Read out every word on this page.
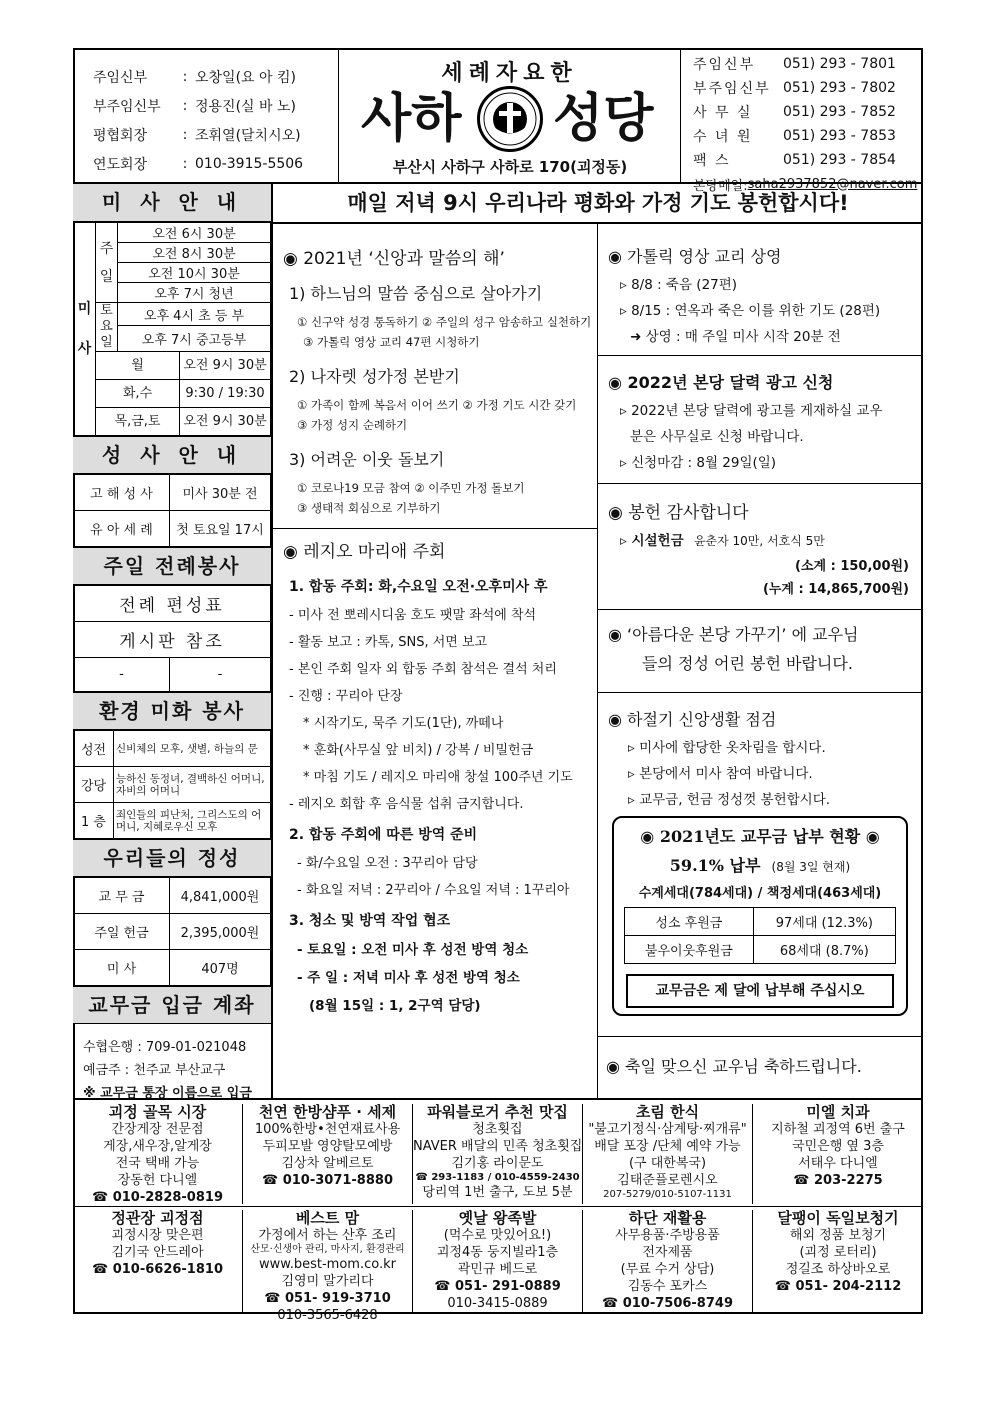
주임신부	: 오창일(요 아 킴)
부주임신부	: 정용진(실 바 노)
평협회장	: 조휘열(달치시오)
연도회장	: 010-3915-5506
세례자요한
사하 성당
부산시 사하구 사하로 170(괴정동)
주임신부	051) 293 - 7801
부주임신부 051) 293 - 7802
사 무 실	051) 293 - 7852
수 녀 원	051) 293 - 7853
팩 스	051) 293 - 7854
본당메일: saha2937852@naver.com
미 사 안 내
미사	주일	오전 6시 30분
		오전 8시 30분
		오전 10시 30분
		오후 7시 청년
	토요일	오후 4시 초 등 부
		오후 7시 중고등부

	월 오전 9시 30분	

	화,수 9:30 / 19:30	

	목,금,토 오전 9시 30분	
성 사 안 내
고 해 성 사	미사 30분 전
유 아 세 례	첫 토요일 17시
주일 전례봉사
전례 편성표
게시판 참조
-	-
환경 미화 봉사
성전	신비체의 모후, 샛별, 하늘의 문
강당	능하신 동정녀, 결백하신 어머니, 자비의 어머니
1 층	죄인들의 피난처, 그리스도의 어머니, 지혜로우신 모후
우리들의 정성
교 무 금	4,841,000원
주일 헌금	2,395,000원
미 사	407명
교무금 입금 계좌
수협은행 : 709-01-021048
예금주 : 천주교 부산교구
※ 교무금 통장 이름으로 입금
매일 저녁 9시 우리나라 평화와 가정 기도 봉헌합시다!
◉ 2021년 ‘신앙과 말씀의 해’
1) 하느님의 말씀 중심으로 살아가기
① 신구약 성경 통독하기 ② 주일의 성구 암송하고 실천하기
③ 가톨릭 영상 교리 47편 시청하기
2) 나자렛 성가정 본받기
① 가족이 함께 복음서 이어 쓰기 ② 가정 기도 시간 갖기
③ 가정 성지 순례하기
3) 어려운 이웃 돌보기
① 코로나19 모금 참여 ② 이주민 가정 돌보기
③ 생태적 회심으로 기부하기
◉ 레지오 마리애 주회
1. 합동 주회: 화,수요일 오전·오후미사 후
- 미사 전 뽀레시디움 호도 팻말 좌석에 착석
- 활동 보고 : 카톡, SNS, 서면 보고
- 본인 주회 일자 외 합동 주회 참석은 결석 처리
- 진행 : 꾸리아 단장
* 시작기도, 묵주 기도(1단), 까떼나
* 훈화(사무실 앞 비치) / 강복 / 비밀헌금
* 마침 기도 / 레지오 마리애 창설 100주년 기도
- 레지오 회합 후 음식물 섭취 금지합니다.
2. 합동 주회에 따른 방역 준비
- 화/수요일 오전 : 3꾸리아 담당
- 화요일 저녁 : 2꾸리아 / 수요일 저녁 : 1꾸리아
3. 청소 및 방역 작업 협조
- 토요일 : 오전 미사 후 성전 방역 청소
- 주 일 : 저녁 미사 후 성전 방역 청소
(8월 15일 : 1, 2구역 담당)
◉ 가톨릭 영상 교리 상영
▹ 8/8 : 죽음 (27편)
▹ 8/15 : 연옥과 죽은 이를 위한 기도 (28편)
➜ 상영 : 매 주일 미사 시작 20분 전
◉ 2022년 본당 달력 광고 신청
▹ 2022년 본당 달력에 광고를 게재하실 교우
분은 사무실로 신청 바랍니다.
▹ 신청마감 : 8월 29일(일)
◉ 봉헌 감사합니다
▹ 시설헌금 윤춘자 10만, 서호식 5만
(소계 : 150,00원)
(누계 : 14,865,700원)
◉ ‘아름다운 본당 가꾸기’ 에 교우님
들의 정성 어린 봉헌 바랍니다.
◉ 하절기 신앙생활 점검
▹ 미사에 합당한 옷차림을 합시다.
▹ 본당에서 미사 참여 바랍니다.
▹ 교무금, 헌금 정성껏 봉헌합시다.
◉ 2021년도 교무금 납부 현황 ◉
59.1% 납부 (8월 3일 현재)
수계세대(784세대) / 책정세대(463세대)
성소 후원금	97세대 (12.3%)
불우이웃후원금	68세대 (8.7%)
교무금은 제 달에 납부해 주십시오
◉ 축일 맞으신 교우님 축하드립니다.
괴정 골목 시장
간장게장 전문점
게장,새우장,알게장
전국 택배 가능
장동헌 다니엘
☎ 010-2828-0819
천연 한방샴푸 · 세제
100%한방•천연재료사용
두피모발 영양탈모예방
김상차 알베르토
☎ 010-3071-8880
파워블로거 추천 맛집
청초횟집
NAVER 배달의 민족 청초횟집
김기홍 라이문도
☎ 293-1183 / 010-4559-2430
당리역 1번 출구, 도보 5분
초림 한식
"불고기정식·삼계탕·찌개류"
배달 포장 /단체 예약 가능
(구 대한복국)
김태준플로렌시오
207-5279/010-5107-1131
미엘 치과
지하철 괴정역 6번 출구
국민은행 옆 3층
서태우 다니엘
☎ 203-2275
정관장 괴정점
괴정시장 맞은편
김기국 안드레아
☎ 010-6626-1810
베스트 맘
가정에서 하는 산후 조리
산모·신생아 관리, 마사지, 환경관리
www.best-mom.co.kr
김영미 말가리다
☎ 051- 919-3710
010-3565-6428
옛날 왕족발
(먹수로 맛있어요!)
괴정4동 둥지빌라1층
곽민규 베드로
☎ 051- 291-0889
010-3415-0889
하단 재활용
사무용품·주방용품
전자제품
(무료 수거 상담)
김동수 포카스
☎ 010-7506-8749
달팽이 독일보청기
해외 정품 보청기
(괴정 로터리)
정길조 하상바오로
☎ 051- 204-2112
